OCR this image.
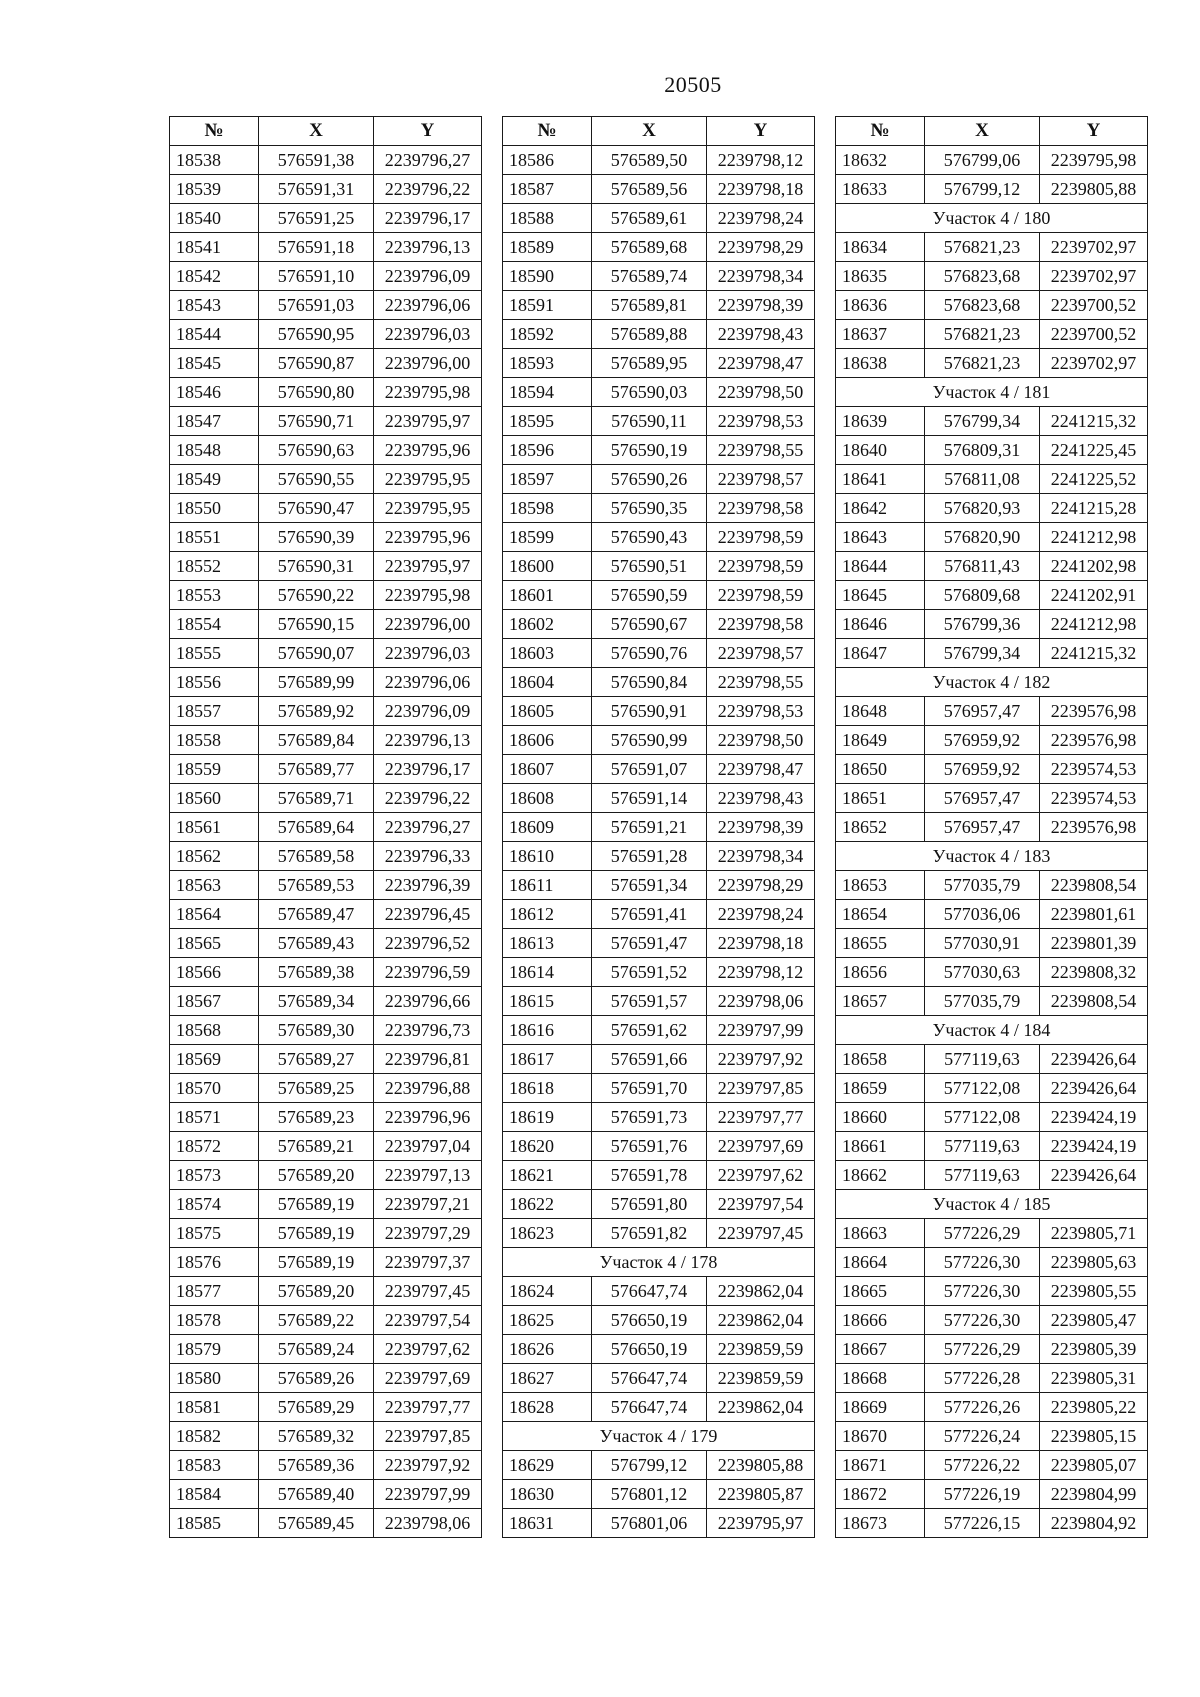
20505
№	X	Y
18538	576591,38	2239796,27
18539	576591,31	2239796,22
18540	576591,25	2239796,17
18541	576591,18	2239796,13
18542	576591,10	2239796,09
18543	576591,03	2239796,06
18544	576590,95	2239796,03
18545	576590,87	2239796,00
18546	576590,80	2239795,98
18547	576590,71	2239795,97
18548	576590,63	2239795,96
18549	576590,55	2239795,95
18550	576590,47	2239795,95
18551	576590,39	2239795,96
18552	576590,31	2239795,97
18553	576590,22	2239795,98
18554	576590,15	2239796,00
18555	576590,07	2239796,03
18556	576589,99	2239796,06
18557	576589,92	2239796,09
18558	576589,84	2239796,13
18559	576589,77	2239796,17
18560	576589,71	2239796,22
18561	576589,64	2239796,27
18562	576589,58	2239796,33
18563	576589,53	2239796,39
18564	576589,47	2239796,45
18565	576589,43	2239796,52
18566	576589,38	2239796,59
18567	576589,34	2239796,66
18568	576589,30	2239796,73
18569	576589,27	2239796,81
18570	576589,25	2239796,88
18571	576589,23	2239796,96
18572	576589,21	2239797,04
18573	576589,20	2239797,13
18574	576589,19	2239797,21
18575	576589,19	2239797,29
18576	576589,19	2239797,37
18577	576589,20	2239797,45
18578	576589,22	2239797,54
18579	576589,24	2239797,62
18580	576589,26	2239797,69
18581	576589,29	2239797,77
18582	576589,32	2239797,85
18583	576589,36	2239797,92
18584	576589,40	2239797,99
18585	576589,45	2239798,06
№	X	Y
18586	576589,50	2239798,12
18587	576589,56	2239798,18
18588	576589,61	2239798,24
18589	576589,68	2239798,29
18590	576589,74	2239798,34
18591	576589,81	2239798,39
18592	576589,88	2239798,43
18593	576589,95	2239798,47
18594	576590,03	2239798,50
18595	576590,11	2239798,53
18596	576590,19	2239798,55
18597	576590,26	2239798,57
18598	576590,35	2239798,58
18599	576590,43	2239798,59
18600	576590,51	2239798,59
18601	576590,59	2239798,59
18602	576590,67	2239798,58
18603	576590,76	2239798,57
18604	576590,84	2239798,55
18605	576590,91	2239798,53
18606	576590,99	2239798,50
18607	576591,07	2239798,47
18608	576591,14	2239798,43
18609	576591,21	2239798,39
18610	576591,28	2239798,34
18611	576591,34	2239798,29
18612	576591,41	2239798,24
18613	576591,47	2239798,18
18614	576591,52	2239798,12
18615	576591,57	2239798,06
18616	576591,62	2239797,99
18617	576591,66	2239797,92
18618	576591,70	2239797,85
18619	576591,73	2239797,77
18620	576591,76	2239797,69
18621	576591,78	2239797,62
18622	576591,80	2239797,54
18623	576591,82	2239797,45
Участок 4 / 178		
18624	576647,74	2239862,04
18625	576650,19	2239862,04
18626	576650,19	2239859,59
18627	576647,74	2239859,59
18628	576647,74	2239862,04
Участок 4 / 179		
18629	576799,12	2239805,88
18630	576801,12	2239805,87
18631	576801,06	2239795,97
№	X	Y
18632	576799,06	2239795,98
18633	576799,12	2239805,88
Участок 4 / 180		
18634	576821,23	2239702,97
18635	576823,68	2239702,97
18636	576823,68	2239700,52
18637	576821,23	2239700,52
18638	576821,23	2239702,97
Участок 4 / 181		
18639	576799,34	2241215,32
18640	576809,31	2241225,45
18641	576811,08	2241225,52
18642	576820,93	2241215,28
18643	576820,90	2241212,98
18644	576811,43	2241202,98
18645	576809,68	2241202,91
18646	576799,36	2241212,98
18647	576799,34	2241215,32
Участок 4 / 182		
18648	576957,47	2239576,98
18649	576959,92	2239576,98
18650	576959,92	2239574,53
18651	576957,47	2239574,53
18652	576957,47	2239576,98
Участок 4 / 183		
18653	577035,79	2239808,54
18654	577036,06	2239801,61
18655	577030,91	2239801,39
18656	577030,63	2239808,32
18657	577035,79	2239808,54
Участок 4 / 184		
18658	577119,63	2239426,64
18659	577122,08	2239426,64
18660	577122,08	2239424,19
18661	577119,63	2239424,19
18662	577119,63	2239426,64
Участок 4 / 185		
18663	577226,29	2239805,71
18664	577226,30	2239805,63
18665	577226,30	2239805,55
18666	577226,30	2239805,47
18667	577226,29	2239805,39
18668	577226,28	2239805,31
18669	577226,26	2239805,22
18670	577226,24	2239805,15
18671	577226,22	2239805,07
18672	577226,19	2239804,99
18673	577226,15	2239804,92
